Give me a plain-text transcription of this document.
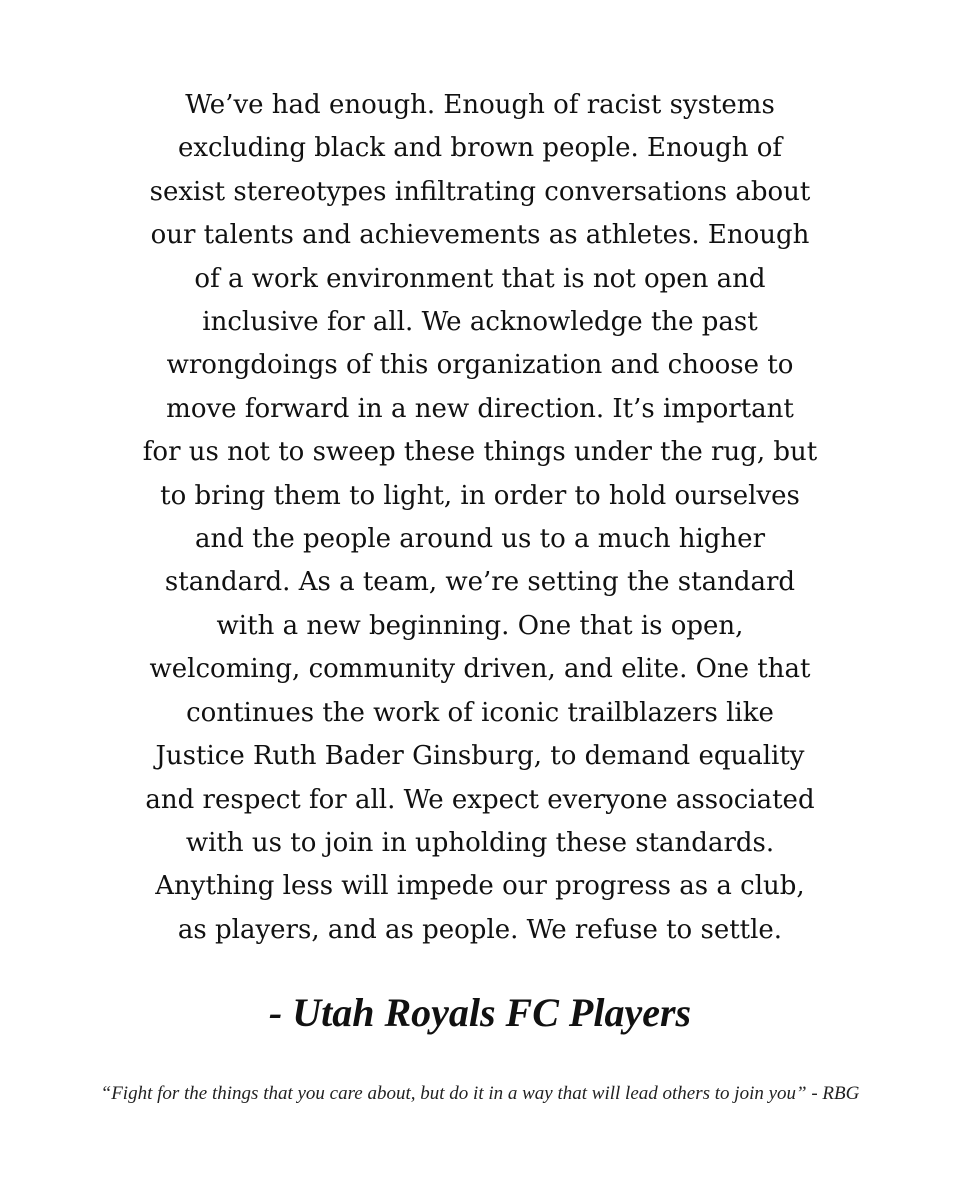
We’ve had enough. Enough of racist systems
excluding black and brown people. Enough of
sexist stereotypes infiltrating conversations about
our talents and achievements as athletes. Enough
of a work environment that is not open and
inclusive for all. We acknowledge the past
wrongdoings of this organization and choose to
move forward in a new direction. It’s important
for us not to sweep these things under the rug, but
to bring them to light, in order to hold ourselves
and the people around us to a much higher
standard. As a team, we’re setting the standard
with a new beginning. One that is open,
welcoming, community driven, and elite. One that
continues the work of iconic trailblazers like
Justice Ruth Bader Ginsburg, to demand equality
and respect for all. We expect everyone associated
with us to join in upholding these standards.
Anything less will impede our progress as a club,
as players, and as people. We refuse to settle.

- Utah Royals FC Players

“Fight for the things that you care about, but do it in a way that will lead others to join you” - RBG
